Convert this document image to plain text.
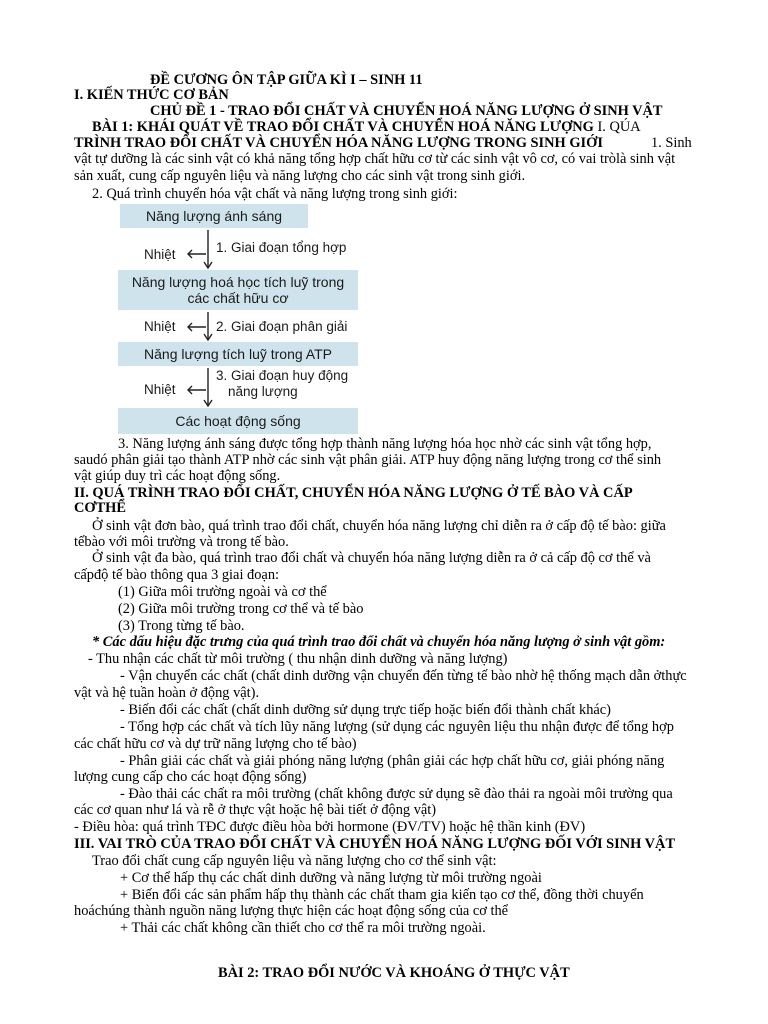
ĐỀ CƯƠNG ÔN TẬP GIỮA KÌ I – SINH 11
I. KIẾN THỨC CƠ BẢN
CHỦ ĐỀ 1 - TRAO ĐỔI CHẤT VÀ CHUYỂN HOÁ NĂNG LƯỢNG Ở SINH VẬT
BÀI 1: KHÁI QUÁT VỀ TRAO ĐỔI CHẤT VÀ CHUYỂN HOÁ NĂNG LƯỢNG I. QÚA
TRÌNH TRAO ĐỔI CHẤT VÀ CHUYỂN HÓA NĂNG LƯỢNG TRONG SINH GIỚI	1. Sinh
vật tự dưỡng là các sinh vật có khả năng tổng hợp chất hữu cơ từ các sinh vật vô cơ, có vai tròlà sinh vật
sản xuất, cung cấp nguyên liệu và năng lượng cho các sinh vật trong sinh giới.
2. Quá trình chuyển hóa vật chất và năng lượng trong sinh giới:
Năng lượng ánh sáng
Nhiệt	1. Giai đoạn tổng hợp
Năng lượng hoá học tích luỹ trong
các chất hữu cơ
Nhiệt	2. Giai đoạn phân giải
Năng lượng tích luỹ trong ATP
Nhiệt
3. Giai đoạn huy động
năng lượng
Các hoạt động sống
3. Năng lượng ánh sáng được tổng hợp thành năng lượng hóa học nhờ các sinh vật tổng hợp,
saudó phân giải tạo thành ATP nhờ các sinh vật phân giải. ATP huy động năng lượng trong cơ thể sinh
vật giúp duy trì các hoạt động sống.
II. QUÁ TRÌNH TRAO ĐỔI CHẤT, CHUYỂN HÓA NĂNG LƯỢNG Ở TẾ BÀO VÀ CẤP
CƠTHỂ
Ở sinh vật đơn bào, quá trình trao đổi chất, chuyển hóa năng lượng chỉ diễn ra ở cấp độ tế bào: giữa
tếbào với môi trường và trong tế bào.
Ở sinh vật đa bào, quá trình trao đổi chất và chuyển hóa năng lượng diễn ra ở cả cấp độ cơ thể và
cấpđộ tế bào thông qua 3 giai đoạn:
(1) Giữa môi trường ngoài và cơ thể
(2) Giữa môi trường trong cơ thể và tế bào
(3) Trong từng tế bào.
* Các dấu hiệu đặc trưng của quá trình trao đổi chất và chuyển hóa năng lượng ở sinh vật gồm:
- Thu nhận các chất từ môi trường ( thu nhận dinh dưỡng và năng lượng)
- Vận chuyển các chất (chất dinh dưỡng vận chuyển đến từng tế bào nhờ hệ thống mạch dẫn ởthực
vật và hệ tuần hoàn ở động vật).
- Biến đổi các chất (chất dinh dưỡng sử dụng trực tiếp hoặc biến đổi thành chất khác)
- Tổng hợp các chất và tích lũy năng lượng (sử dụng các nguyên liệu thu nhận được để tổng hợp
các chất hữu cơ và dự trữ năng lượng cho tế bào)
- Phân giải các chất và giải phóng năng lượng (phân giải các hợp chất hữu cơ, giải phóng năng
lượng cung cấp cho các hoạt động sống)
- Đào thải các chất ra môi trường (chất không được sử dụng sẽ đào thải ra ngoài môi trường qua
các cơ quan như lá và rễ ở thực vật hoặc hệ bài tiết ở động vật)
- Điều hòa: quá trình TĐC được điều hòa bởi hormone (ĐV/TV) hoặc hệ thần kinh (ĐV)
III. VAI TRÒ CỦA TRAO ĐỔI CHẤT VÀ CHUYỂN HOÁ NĂNG LƯỢNG ĐỐI VỚI SINH VẬT
Trao đổi chất cung cấp nguyên liệu và năng lượng cho cơ thể sinh vật:
+ Cơ thể hấp thụ các chất dinh dưỡng và năng lượng từ môi trường ngoài
+ Biến đổi các sản phẩm hấp thụ thành các chất tham gia kiến tạo cơ thể, đồng thời chuyển
hoáchúng thành nguồn năng lượng thực hiện các hoạt động sống của cơ thể
+ Thải các chất không cần thiết cho cơ thể ra môi trường ngoài.
BÀI 2: TRAO ĐỔI NƯỚC VÀ KHOÁNG Ở THỰC VẬT
